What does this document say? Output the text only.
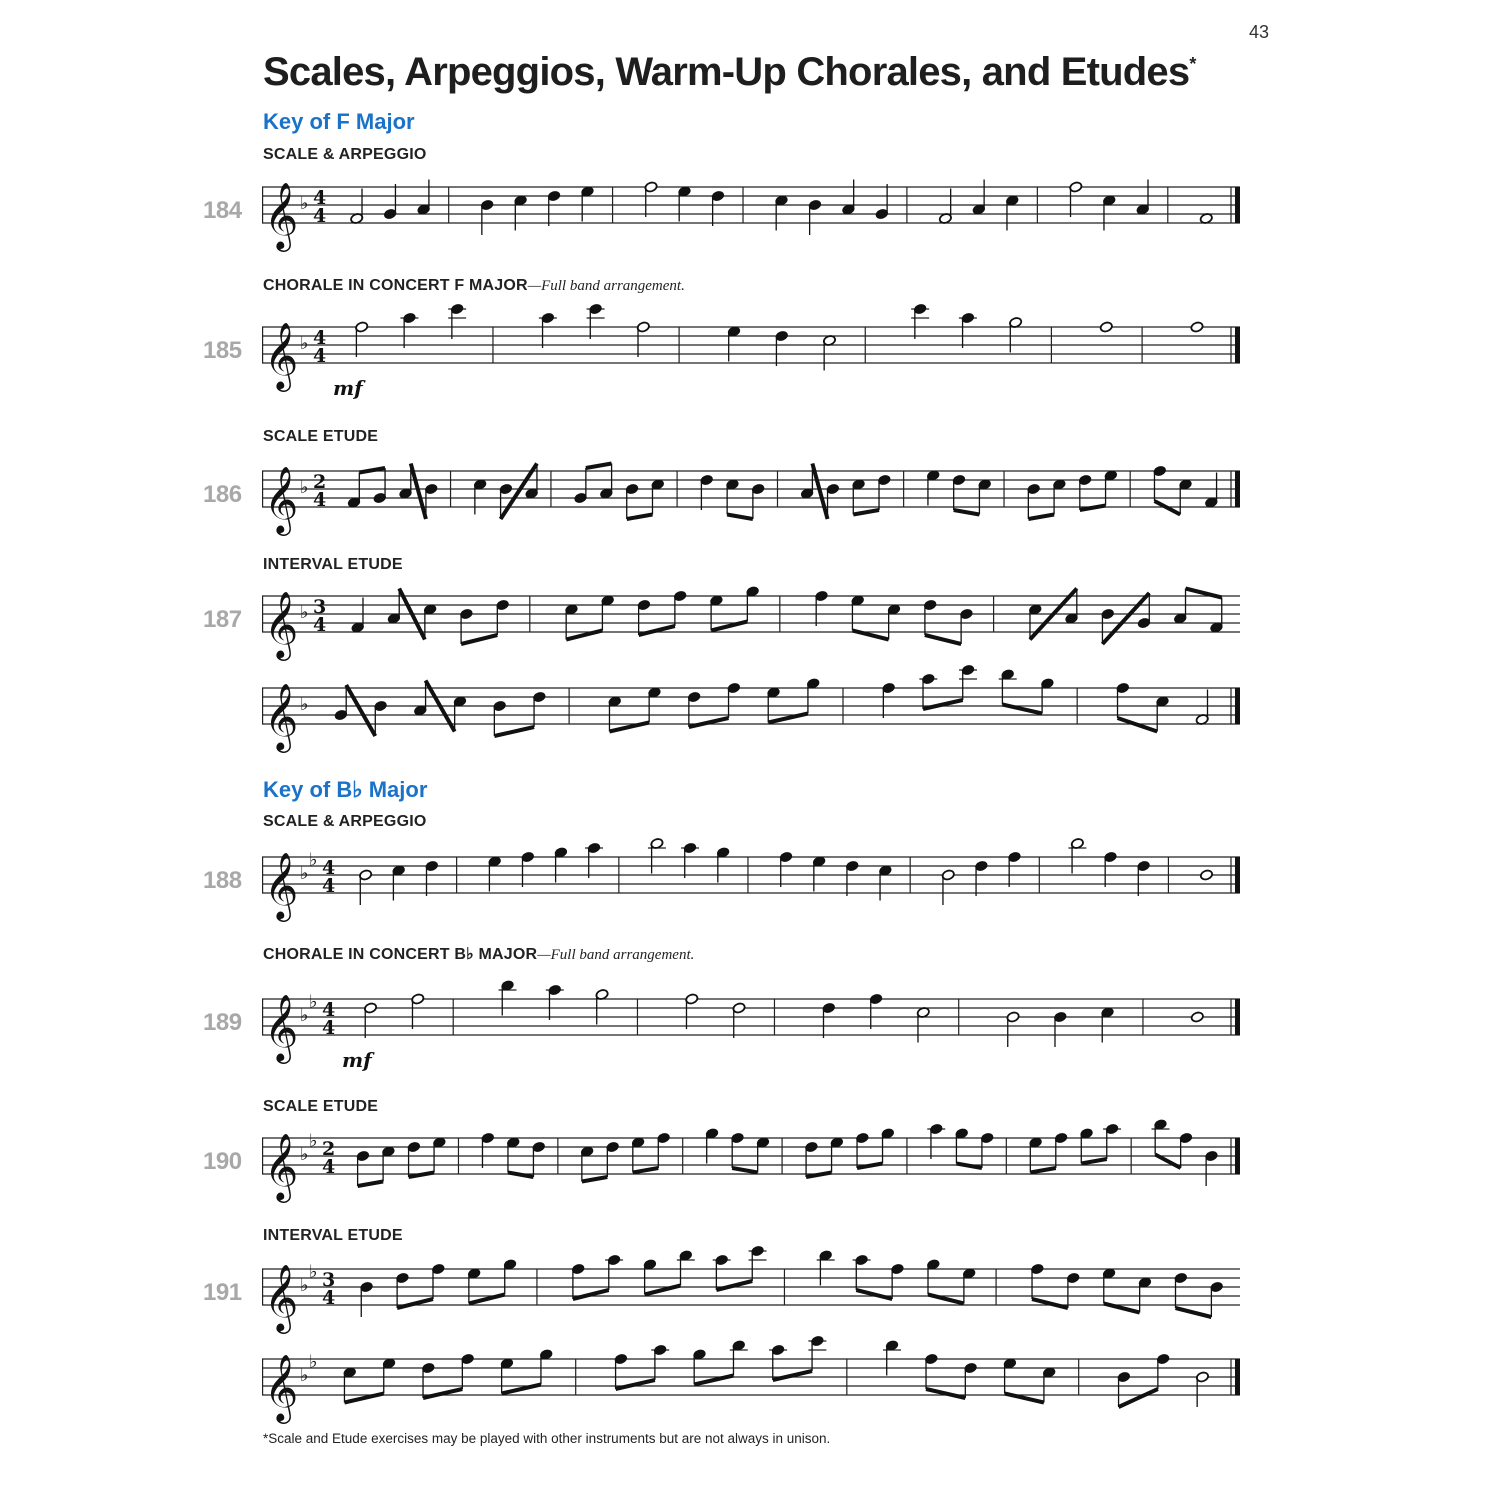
43
Scales, Arpeggios, Warm-Up Chorales, and Etudes*
Key of F Major
SCALE & ARPEGGIO
184 𝄞 ♭ 4
4
CHORALE IN CONCERT F MAJOR—Full band arrangement.
185 𝄞 ♭ 4
4
mf
SCALE ETUDE
186 𝄞 ♭ 2
4
INTERVAL ETUDE
187 𝄞 ♭ 3
4
𝄞 ♭
Key of B♭ Major
SCALE & ARPEGGIO
188 𝄞 ♭
♭ 4
4
CHORALE IN CONCERT B♭ MAJOR—Full band arrangement.
189 𝄞 ♭
♭ 4
4
mf
SCALE ETUDE
190 𝄞 ♭
♭ 2
4
INTERVAL ETUDE
191 𝄞 ♭
♭ 3
4
𝄞 ♭
♭
*Scale and Etude exercises may be played with other instruments but are not always in unison.
